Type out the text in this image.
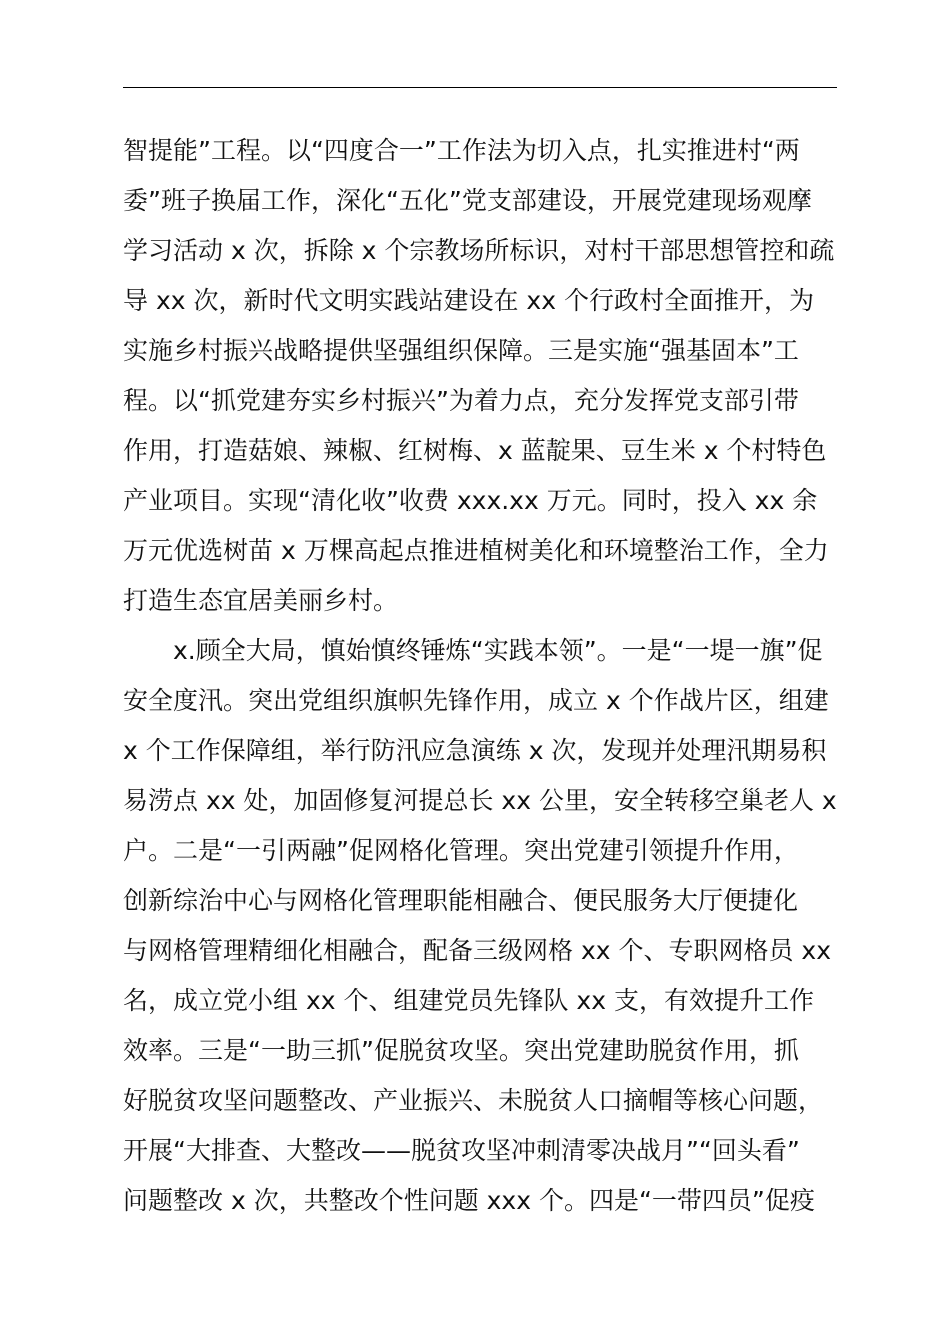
智提能”工程。以“四度合一”工作法为切入点，扎实推进村“两
委”班子换届工作，深化“五化”党支部建设，开展党建现场观摩
学习活动 x 次，拆除 x 个宗教场所标识，对村干部思想管控和疏
导 xx 次，新时代文明实践站建设在 xx 个行政村全面推开，为
实施乡村振兴战略提供坚强组织保障。三是实施“强基固本”工
程。以“抓党建夯实乡村振兴”为着力点，充分发挥党支部引带
作用，打造菇娘、辣椒、红树梅、x 蓝靛果、豆生米 x 个村特色
产业项目。实现“清化收”收费 xxx.xx 万元。同时，投入 xx 余
万元优选树苗 x 万棵高起点推进植树美化和环境整治工作，全力
打造生态宜居美丽乡村。
x.顾全大局，慎始慎终锤炼“实践本领”。一是“一堤一旗”促
安全度汛。突出党组织旗帜先锋作用，成立 x 个作战片区，组建
x 个工作保障组，举行防汛应急演练 x 次，发现并处理汛期易积
易涝点 xx 处，加固修复河提总长 xx 公里，安全转移空巢老人 x
户。二是“一引两融”促网格化管理。突出党建引领提升作用，
创新综治中心与网格化管理职能相融合、便民服务大厅便捷化
与网格管理精细化相融合，配备三级网格 xx 个、专职网格员 xx
名，成立党小组 xx 个、组建党员先锋队 xx 支，有效提升工作
效率。三是“一助三抓”促脱贫攻坚。突出党建助脱贫作用，抓
好脱贫攻坚问题整改、产业振兴、未脱贫人口摘帽等核心问题，
开展“大排查、大整改——脱贫攻坚冲刺清零决战月”“回头看”
问题整改 x 次，共整改个性问题 xxx 个。四是“一带四员”促疫
